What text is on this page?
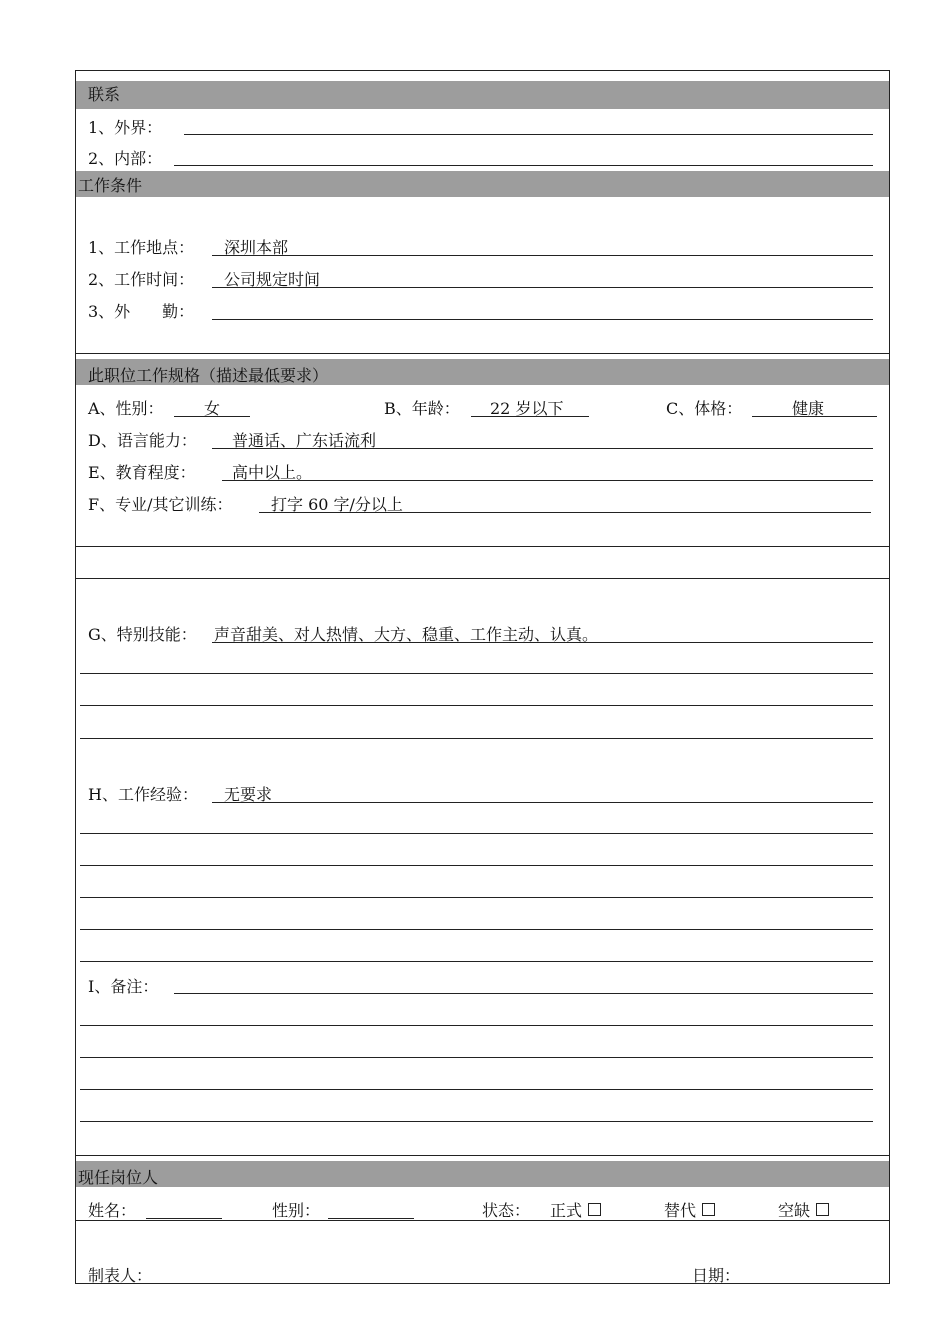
联系
1、外界：
2、内部：
工作条件
1、工作地点： 深圳本部
2、工作时间： 公司规定时间
3、外　　勤：
此职位工作规格（描述最低要求）
A、性别：	女	B、年龄： 22 岁以下	C、体格：	健康
D、语言能力： 普通话、广东话流利
E、教育程度： 高中以上。
F、专业/其它训练： 打字 60 字/分以上
G、特别技能： 声音甜美、对人热情、大方、稳重、工作主动、认真。
H、工作经验： 无要求
I、备注：
现任岗位人
姓名：	性别：	状态： 正式	替代	空缺
制表人：	日期：
